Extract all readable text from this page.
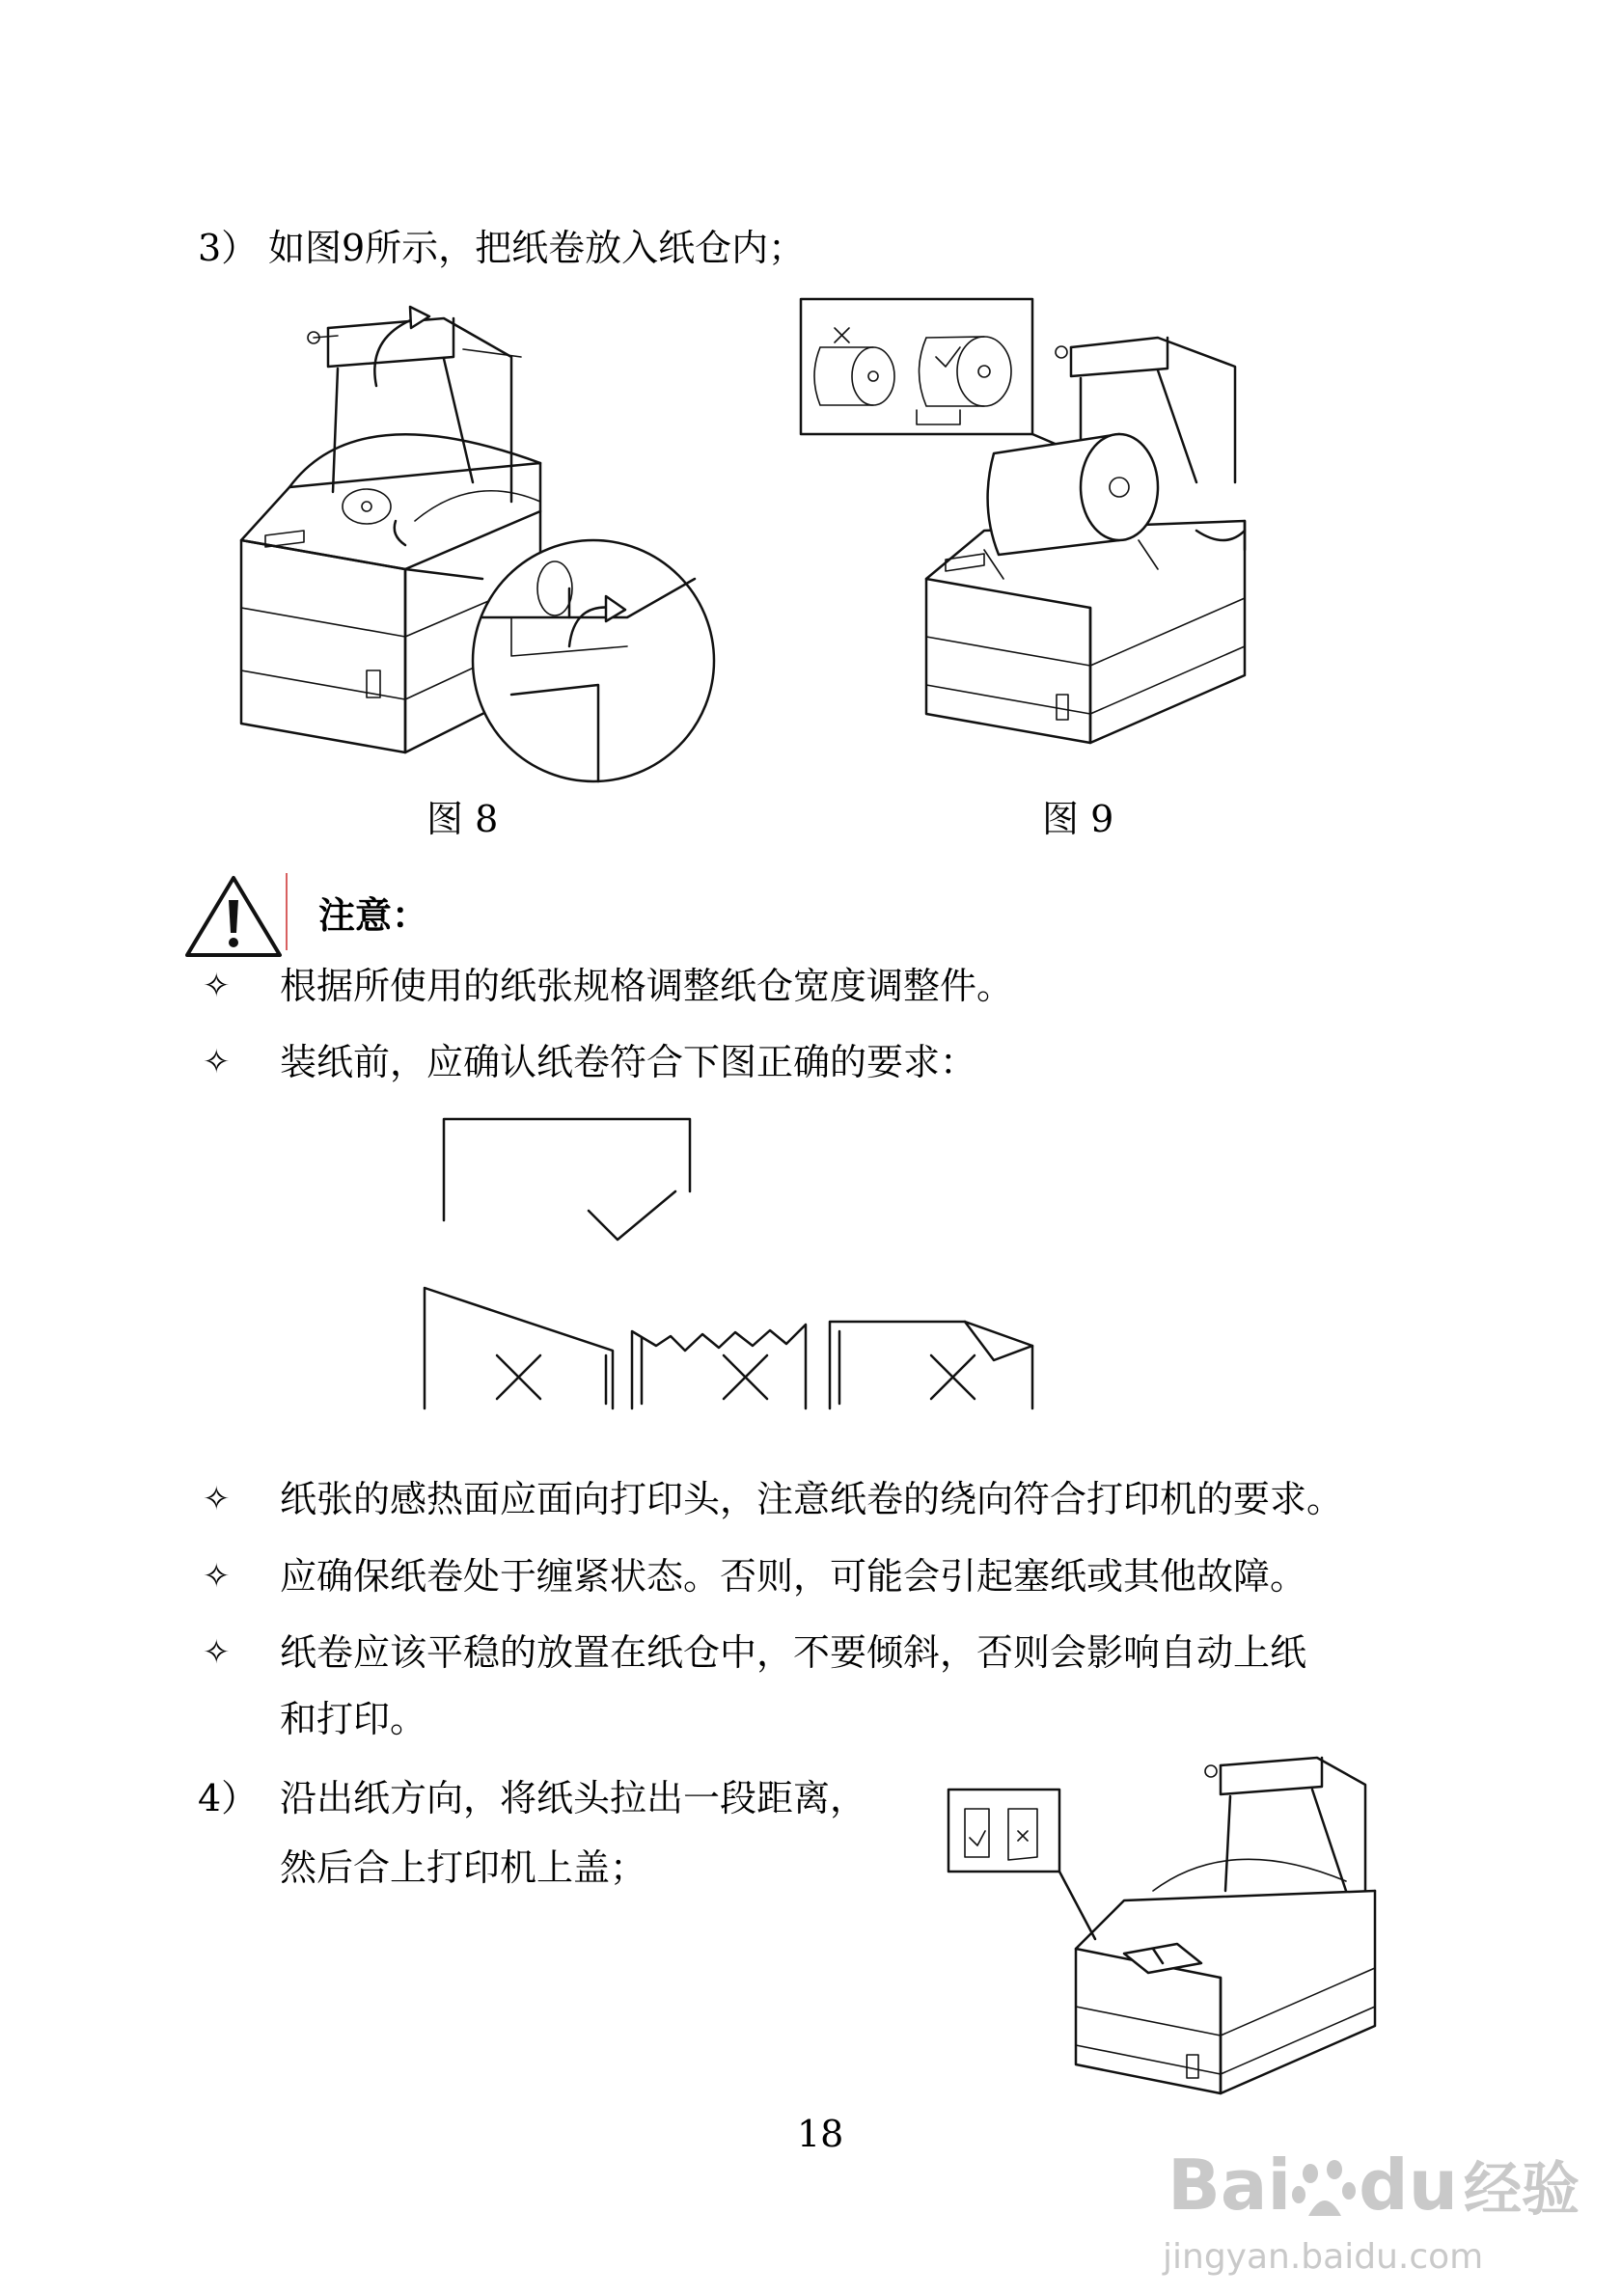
3） 如图9所示，把纸卷放入纸仓内；
图 8	图 9
注意：
✧ 根据所使用的纸张规格调整纸仓宽度调整件。
✧ 装纸前，应确认纸卷符合下图正确的要求：
✧ 纸张的感热面应面向打印头，注意纸卷的绕向符合打印机的要求。
✧ 应确保纸卷处于缠紧状态。否则，可能会引起塞纸或其他故障。
✧ 纸卷应该平稳的放置在纸仓中，不要倾斜，否则会影响自动上纸
和打印。
4） 沿出纸方向，将纸头拉出一段距离，
然后合上打印机上盖；
18
Bai du 经验
jingyan.baidu.com
